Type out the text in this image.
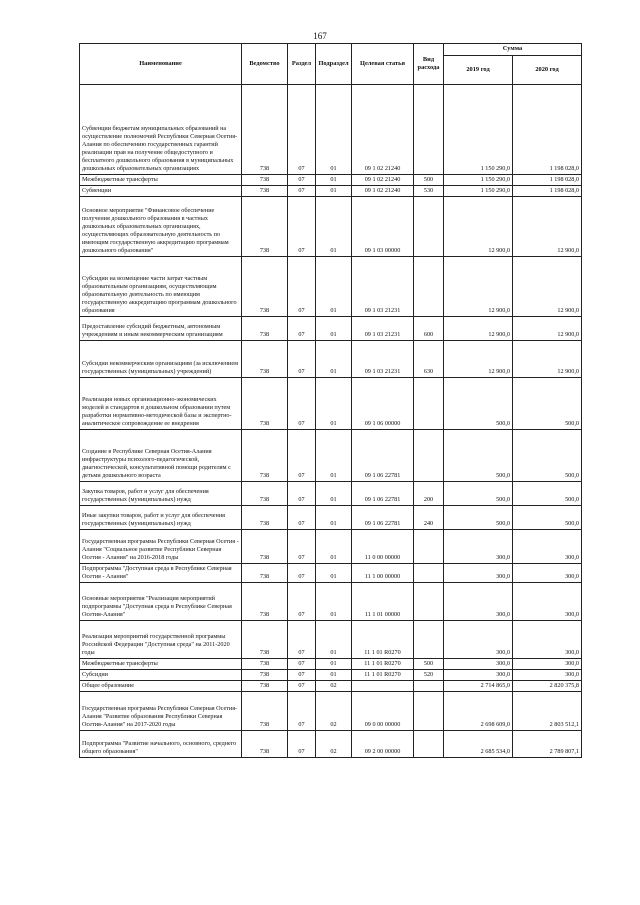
167
Наименование	Ведомство	Раздел	Подраздел	Целевая статья	Вид расхода	Сумма	
						2019 год	2020 год
Субвенции бюджетам муниципальных образований на осуществление полномочий Республики Северная Осетия-Алания по обеспечению государственных гарантий реализации прав на получение общедоступного и бесплатного дошкольного образования в муниципальных дошкольных образовательных организациях	738	07	01	09 1 02 21240		1 150 290,0	1 198 028,0
Межбюджетные трансферты	738	07	01	09 1 02 21240	500	1 150 290,0	1 198 028,0
Субвенции	738	07	01	09 1 02 21240	530	1 150 290,0	1 198 028,0
Основное мероприятие "Финансовое обеспечение получения дошкольного образования в частных дошкольных образовательных организациях, осуществляющих образовательную деятельность по имеющим государственную аккредитацию программам дошкольного образования"	738	07	01	09 1 03 00000		12 900,0	12 900,0
Субсидии на возмещение части затрат частным образовательным организациям, осуществляющим образовательную деятельность по имеющим государственную аккредитацию программам дошкольного образования	738	07	01	09 1 03 21231		12 900,0	12 900,0
Предоставление субсидий бюджетным, автономным учреждениям и иным некоммерческим организациям	738	07	01	09 1 03 21231	600	12 900,0	12 900,0
Субсидии некоммерческим организациям (за исключением государственных (муниципальных) учреждений)	738	07	01	09 1 03 21231	630	12 900,0	12 900,0
Реализация новых организационно-экономических моделей и стандартов в дошкольном образовании путем разработки нормативно-методической базы и экспертно-аналитическое сопровождение ее внедрения	738	07	01	09 1 06 00000		500,0	500,0
Создание в Республике Северная Осетия-Алания инфраструктуры психолого-педагогической, диагностической, консультативной помощи родителям с детьми дошкольного возраста	738	07	01	09 1 06 22781		500,0	500,0
Закупка товаров, работ и услуг для обеспечения государственных (муниципальных) нужд	738	07	01	09 1 06 22781	200	500,0	500,0
Иные закупки товаров, работ и услуг для обеспечения государственных (муниципальных) нужд	738	07	01	09 1 06 22781	240	500,0	500,0
Государственная программа Республики Северная Осетия - Алания "Социальное развитие Республики Северная Осетия - Алания" на 2016-2018 годы	738	07	01	11 0 00 00000		300,0	300,0
Подпрограмма "Доступная среда в Республике Северная Осетия - Алания"	738	07	01	11 1 00 00000		300,0	300,0
Основные мероприятия "Реализация мероприятий подпрограммы "Доступная среда в Республике Северная Осетия-Алания"	738	07	01	11 1 01 00000		300,0	300,0
Реализация мероприятий государственной программы Российской Федерации "Доступная среда" на 2011-2020 годы	738	07	01	11 1 01 R0270		300,0	300,0
Межбюджетные трансферты	738	07	01	11 1 01 R0270	500	300,0	300,0
Субсидии	738	07	01	11 1 01 R0270	520	300,0	300,0
Общее образование	738	07	02			2 714 865,0	2 820 375,8
Государственная программа Республики Северная Осетия-Алания "Развитие образования Республики Северная Осетия-Алания" на 2017-2020 годы	738	07	02	09 0 00 00000		2 698 609,0	2 803 512,1
Подпрограмма "Развитие начального, основного, среднего общего образования"	738	07	02	09 2 00 00000		2 685 534,0	2 789 807,1
